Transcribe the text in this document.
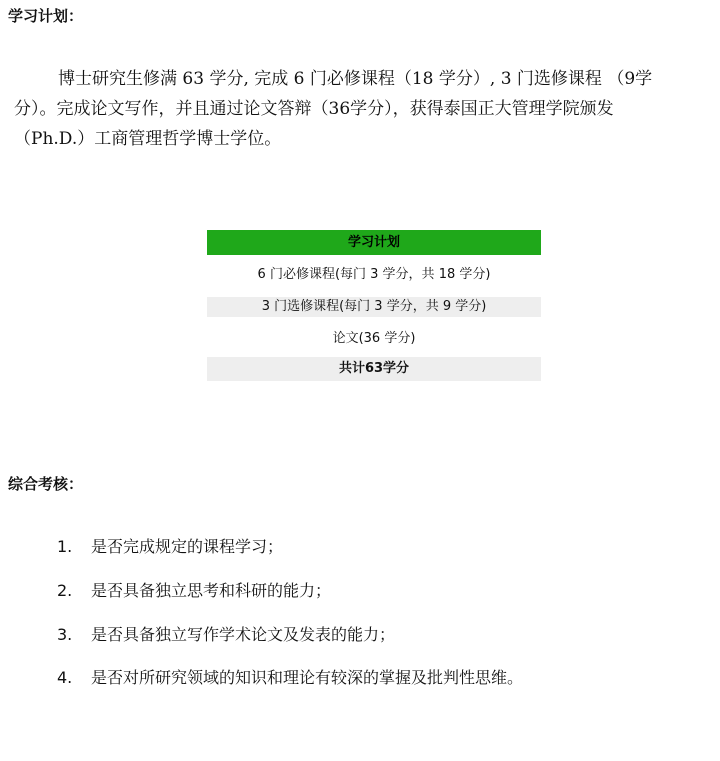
学习计划：

博士研究生修满 63 学分, 完成 6 门必修课程（18 学分）, 3 门选修课程 （9学
分）。完成论文写作，并且通过论文答辩（36学分），获得泰国正大管理学院颁发
（Ph.D.）工商管理哲学博士学位。

学习计划
6 门必修课程(每门 3 学分，共 18 学分)
3 门选修课程(每门 3 学分，共 9 学分)
论文(36 学分)
共计63学分
综合考核：
1. 是否完成规定的课程学习；
2. 是否具备独立思考和科研的能力；
3. 是否具备独立写作学术论文及发表的能力；
4. 是否对所研究领域的知识和理论有较深的掌握及批判性思维。
